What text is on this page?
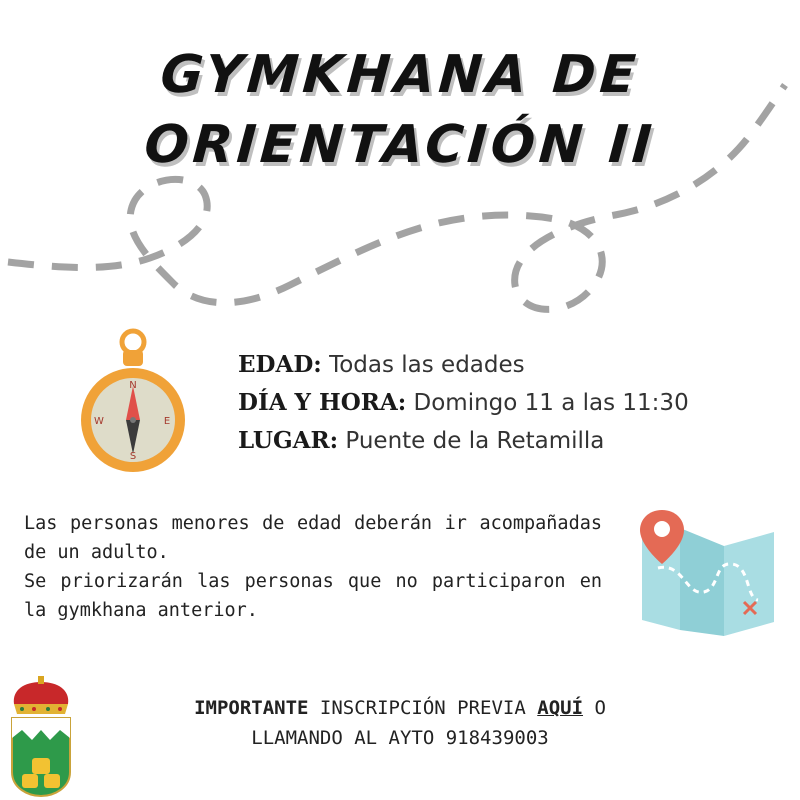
GYMKHANA DE
ORIENTACIÓN II
N
S
E
W
EDAD: Todas las edades
DÍA Y HORA: Domingo 11 a las 11:30
LUGAR: Puente de la Retamilla

Las personas menores de edad deberán ir acompañadas de un adulto.

Se priorizarán las personas que no participaron en la gymkhana anterior.

IMPORTANTE INSCRIPCIÓN PREVIA AQUÍ O LLAMANDO AL AYTO 918439003
